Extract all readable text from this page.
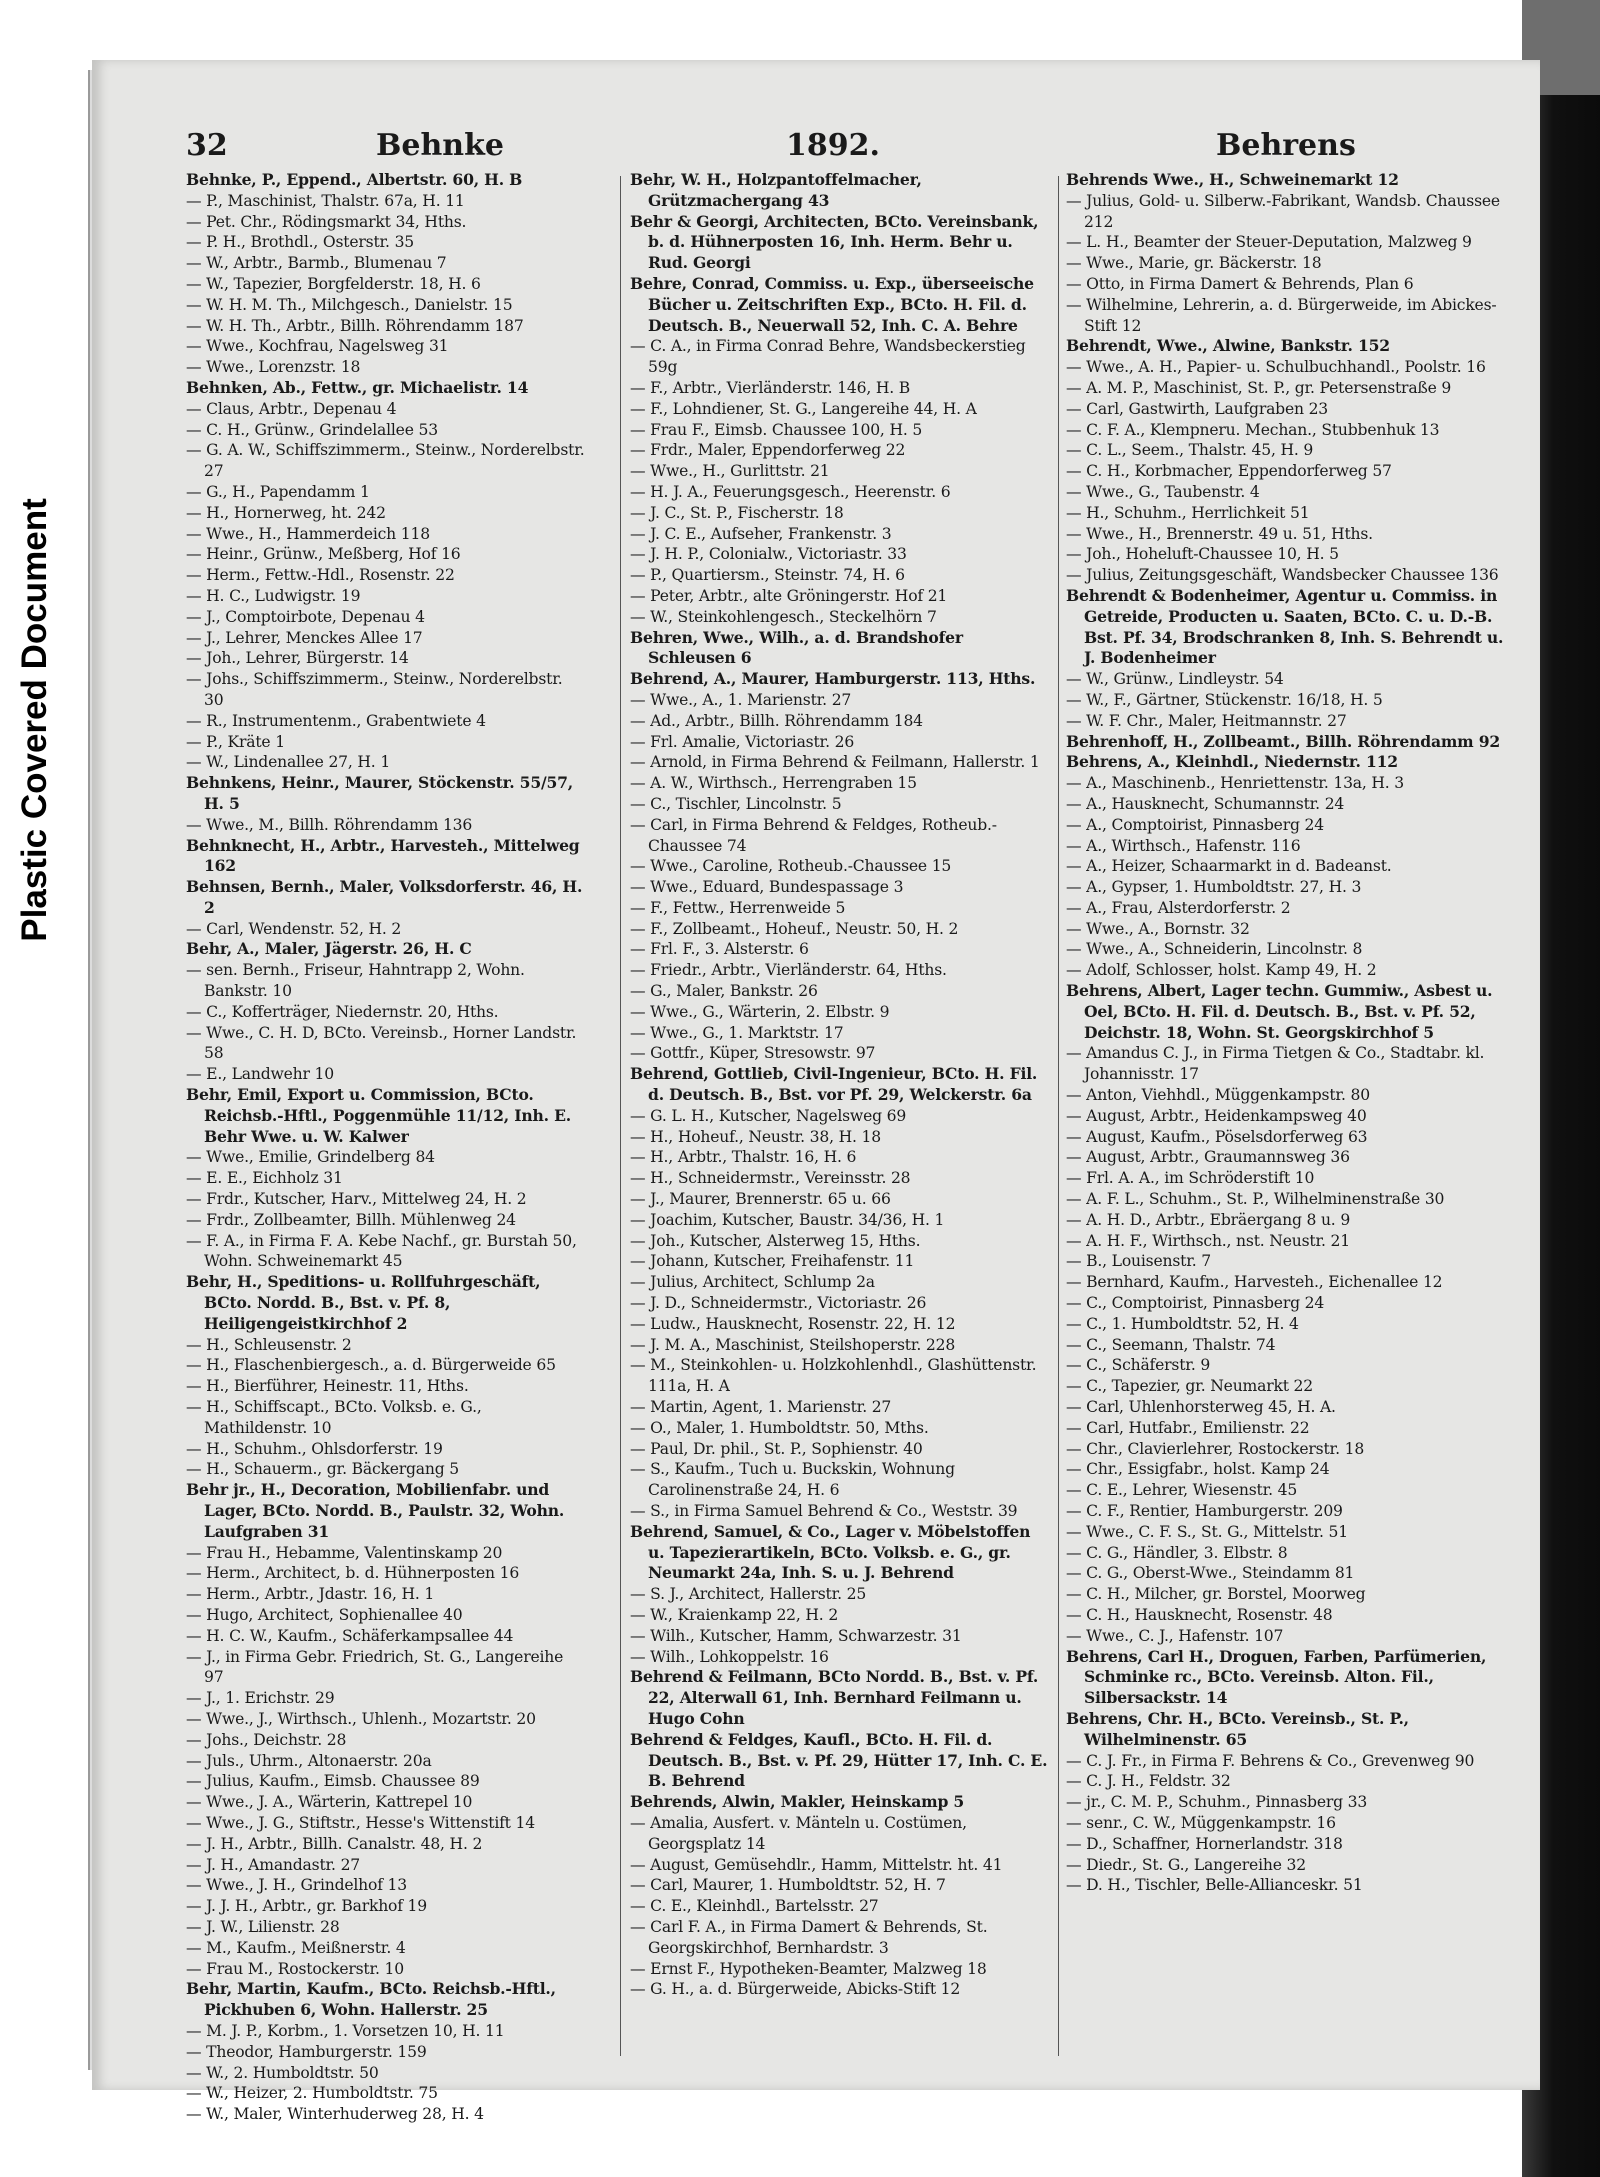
Plastic Covered Document
32	Behnke	1892.	Behrens
Behnke, P., Eppend., Albertstr. 60, H. B
— P., Maschinist, Thalstr. 67a, H. 11
— Pet. Chr., Rödingsmarkt 34, Hths.
— P. H., Brothdl., Osterstr. 35
— W., Arbtr., Barmb., Blumenau 7
— W., Tapezier, Borgfelderstr. 18, H. 6
— W. H. M. Th., Milchgesch., Danielstr. 15
— W. H. Th., Arbtr., Billh. Röhrendamm 187
— Wwe., Kochfrau, Nagelsweg 31
— Wwe., Lorenzstr. 18
Behnken, Ab., Fettw., gr. Michaelistr. 14
— Claus, Arbtr., Depenau 4
— C. H., Grünw., Grindelallee 53
— G. A. W., Schiffszimmerm., Steinw., Norderelbstr. 27
— G., H., Papendamm 1
— H., Hornerweg, ht. 242
— Wwe., H., Hammerdeich 118
— Heinr., Grünw., Meßberg, Hof 16
— Herm., Fettw.-Hdl., Rosenstr. 22
— H. C., Ludwigstr. 19
— J., Comptoirbote, Depenau 4
— J., Lehrer, Menckes Allee 17
— Joh., Lehrer, Bürgerstr. 14
— Johs., Schiffszimmerm., Steinw., Norderelbstr. 30
— R., Instrumentenm., Grabentwiete 4
— P., Kräte 1
— W., Lindenallee 27, H. 1
Behnkens, Heinr., Maurer, Stöckenstr. 55/57, H. 5
— Wwe., M., Billh. Röhrendamm 136
Behnknecht, H., Arbtr., Harvesteh., Mittelweg 162
Behnsen, Bernh., Maler, Volksdorferstr. 46, H. 2
— Carl, Wendenstr. 52, H. 2
Behr, A., Maler, Jägerstr. 26, H. C
— sen. Bernh., Friseur, Hahntrapp 2, Wohn. Bankstr. 10
— C., Kofferträger, Niedernstr. 20, Hths.
— Wwe., C. H. D, BCto. Vereinsb., Horner Landstr. 58
— E., Landwehr 10
Behr, Emil, Export u. Commission, BCto. Reichsb.-Hftl., Poggenmühle 11/12, Inh. E. Behr Wwe. u. W. Kalwer
— Wwe., Emilie, Grindelberg 84
— E. E., Eichholz 31
— Frdr., Kutscher, Harv., Mittelweg 24, H. 2
— Frdr., Zollbeamter, Billh. Mühlenweg 24
— F. A., in Firma F. A. Kebe Nachf., gr. Burstah 50, Wohn. Schweinemarkt 45
Behr, H., Speditions- u. Rollfuhrgeschäft, BCto. Nordd. B., Bst. v. Pf. 8, Heiligengeistkirchhof 2
— H., Schleusenstr. 2
— H., Flaschenbiergesch., a. d. Bürgerweide 65
— H., Bierführer, Heinestr. 11, Hths.
— H., Schiffscapt., BCto. Volksb. e. G., Mathildenstr. 10
— H., Schuhm., Ohlsdorferstr. 19
— H., Schauerm., gr. Bäckergang 5
Behr jr., H., Decoration, Mobilienfabr. und Lager, BCto. Nordd. B., Paulstr. 32, Wohn. Laufgraben 31
— Frau H., Hebamme, Valentinskamp 20
— Herm., Architect, b. d. Hühnerposten 16
— Herm., Arbtr., Jdastr. 16, H. 1
— Hugo, Architect, Sophienallee 40
— H. C. W., Kaufm., Schäferkampsallee 44
— J., in Firma Gebr. Friedrich, St. G., Langereihe 97
— J., 1. Erichstr. 29
— Wwe., J., Wirthsch., Uhlenh., Mozartstr. 20
— Johs., Deichstr. 28
— Juls., Uhrm., Altonaerstr. 20a
— Julius, Kaufm., Eimsb. Chaussee 89
— Wwe., J. A., Wärterin, Kattrepel 10
— Wwe., J. G., Stiftstr., Hesse's Wittenstift 14
— J. H., Arbtr., Billh. Canalstr. 48, H. 2
— J. H., Amandastr. 27
— Wwe., J. H., Grindelhof 13
— J. J. H., Arbtr., gr. Barkhof 19
— J. W., Lilienstr. 28
— M., Kaufm., Meißnerstr. 4
— Frau M., Rostockerstr. 10
Behr, Martin, Kaufm., BCto. Reichsb.-Hftl., Pickhuben 6, Wohn. Hallerstr. 25
— M. J. P., Korbm., 1. Vorsetzen 10, H. 11
— Theodor, Hamburgerstr. 159
— W., 2. Humboldtstr. 50
— W., Heizer, 2. Humboldtstr. 75
— W., Maler, Winterhuderweg 28, H. 4
Behr, W. H., Holzpantoffelmacher, Grützmachergang 43
Behr & Georgi, Architecten, BCto. Vereinsbank, b. d. Hühnerposten 16, Inh. Herm. Behr u. Rud. Georgi
Behre, Conrad, Commiss. u. Exp., überseeische Bücher u. Zeitschriften Exp., BCto. H. Fil. d. Deutsch. B., Neuerwall 52, Inh. C. A. Behre
— C. A., in Firma Conrad Behre, Wandsbeckerstieg 59g
— F., Arbtr., Vierländerstr. 146, H. B
— F., Lohndiener, St. G., Langereihe 44, H. A
— Frau F., Eimsb. Chaussee 100, H. 5
— Frdr., Maler, Eppendorferweg 22
— Wwe., H., Gurlittstr. 21
— H. J. A., Feuerungsgesch., Heerenstr. 6
— J. C., St. P., Fischerstr. 18
— J. C. E., Aufseher, Frankenstr. 3
— J. H. P., Colonialw., Victoriastr. 33
— P., Quartiersm., Steinstr. 74, H. 6
— Peter, Arbtr., alte Gröningerstr. Hof 21
— W., Steinkohlengesch., Steckelhörn 7
Behren, Wwe., Wilh., a. d. Brandshofer Schleusen 6
Behrend, A., Maurer, Hamburgerstr. 113, Hths.
— Wwe., A., 1. Marienstr. 27
— Ad., Arbtr., Billh. Röhrendamm 184
— Frl. Amalie, Victoriastr. 26
— Arnold, in Firma Behrend & Feilmann, Hallerstr. 1
— A. W., Wirthsch., Herrengraben 15
— C., Tischler, Lincolnstr. 5
— Carl, in Firma Behrend & Feldges, Rotheub.-Chaussee 74
— Wwe., Caroline, Rotheub.-Chaussee 15
— Wwe., Eduard, Bundespassage 3
— F., Fettw., Herrenweide 5
— F., Zollbeamt., Hoheuf., Neustr. 50, H. 2
— Frl. F., 3. Alsterstr. 6
— Friedr., Arbtr., Vierländerstr. 64, Hths.
— G., Maler, Bankstr. 26
— Wwe., G., Wärterin, 2. Elbstr. 9
— Wwe., G., 1. Marktstr. 17
— Gottfr., Küper, Stresowstr. 97
Behrend, Gottlieb, Civil-Ingenieur, BCto. H. Fil. d. Deutsch. B., Bst. vor Pf. 29, Welckerstr. 6a
— G. L. H., Kutscher, Nagelsweg 69
— H., Hoheuf., Neustr. 38, H. 18
— H., Arbtr., Thalstr. 16, H. 6
— H., Schneidermstr., Vereinsstr. 28
— J., Maurer, Brennerstr. 65 u. 66
— Joachim, Kutscher, Baustr. 34/36, H. 1
— Joh., Kutscher, Alsterweg 15, Hths.
— Johann, Kutscher, Freihafenstr. 11
— Julius, Architect, Schlump 2a
— J. D., Schneidermstr., Victoriastr. 26
— Ludw., Hausknecht, Rosenstr. 22, H. 12
— J. M. A., Maschinist, Steilshoperstr. 228
— M., Steinkohlen- u. Holzkohlenhdl., Glashüttenstr. 111a, H. A
— Martin, Agent, 1. Marienstr. 27
— O., Maler, 1. Humboldtstr. 50, Mths.
— Paul, Dr. phil., St. P., Sophienstr. 40
— S., Kaufm., Tuch u. Buckskin, Wohnung Carolinenstraße 24, H. 6
— S., in Firma Samuel Behrend & Co., Weststr. 39
Behrend, Samuel, & Co., Lager v. Möbelstoffen u. Tapezierartikeln, BCto. Volksb. e. G., gr. Neumarkt 24a, Inh. S. u. J. Behrend
— S. J., Architect, Hallerstr. 25
— W., Kraienkamp 22, H. 2
— Wilh., Kutscher, Hamm, Schwarzestr. 31
— Wilh., Lohkoppelstr. 16
Behrend & Feilmann, BCto Nordd. B., Bst. v. Pf. 22, Alterwall 61, Inh. Bernhard Feilmann u. Hugo Cohn
Behrend & Feldges, Kaufl., BCto. H. Fil. d. Deutsch. B., Bst. v. Pf. 29, Hütter 17, Inh. C. E. B. Behrend
Behrends, Alwin, Makler, Heinskamp 5
— Amalia, Ausfert. v. Mänteln u. Costümen, Georgsplatz 14
— August, Gemüsehdlr., Hamm, Mittelstr. ht. 41
— Carl, Maurer, 1. Humboldtstr. 52, H. 7
— C. E., Kleinhdl., Bartelsstr. 27
— Carl F. A., in Firma Damert & Behrends, St. Georgskirchhof, Bernhardstr. 3
— Ernst F., Hypotheken-Beamter, Malzweg 18
— G. H., a. d. Bürgerweide, Abicks-Stift 12
Behrends Wwe., H., Schweinemarkt 12
— Julius, Gold- u. Silberw.-Fabrikant, Wandsb. Chaussee 212
— L. H., Beamter der Steuer-Deputation, Malzweg 9
— Wwe., Marie, gr. Bäckerstr. 18
— Otto, in Firma Damert & Behrends, Plan 6
— Wilhelmine, Lehrerin, a. d. Bürgerweide, im Abickes-Stift 12
Behrendt, Wwe., Alwine, Bankstr. 152
— Wwe., A. H., Papier- u. Schulbuchhandl., Poolstr. 16
— A. M. P., Maschinist, St. P., gr. Petersenstraße 9
— Carl, Gastwirth, Laufgraben 23
— C. F. A., Klempneru. Mechan., Stubbenhuk 13
— C. L., Seem., Thalstr. 45, H. 9
— C. H., Korbmacher, Eppendorferweg 57
— Wwe., G., Taubenstr. 4
— H., Schuhm., Herrlichkeit 51
— Wwe., H., Brennerstr. 49 u. 51, Hths.
— Joh., Hoheluft-Chaussee 10, H. 5
— Julius, Zeitungsgeschäft, Wandsbecker Chaussee 136
Behrendt & Bodenheimer, Agentur u. Commiss. in Getreide, Producten u. Saaten, BCto. C. u. D.-B. Bst. Pf. 34, Brodschranken 8, Inh. S. Behrendt u. J. Bodenheimer
— W., Grünw., Lindleystr. 54
— W., F., Gärtner, Stückenstr. 16/18, H. 5
— W. F. Chr., Maler, Heitmannstr. 27
Behrenhoff, H., Zollbeamt., Billh. Röhrendamm 92
Behrens, A., Kleinhdl., Niedernstr. 112
— A., Maschinenb., Henriettenstr. 13a, H. 3
— A., Hausknecht, Schumannstr. 24
— A., Comptoirist, Pinnasberg 24
— A., Wirthsch., Hafenstr. 116
— A., Heizer, Schaarmarkt in d. Badeanst.
— A., Gypser, 1. Humboldtstr. 27, H. 3
— A., Frau, Alsterdorferstr. 2
— Wwe., A., Bornstr. 32
— Wwe., A., Schneiderin, Lincolnstr. 8
— Adolf, Schlosser, holst. Kamp 49, H. 2
Behrens, Albert, Lager techn. Gummiw., Asbest u. Oel, BCto. H. Fil. d. Deutsch. B., Bst. v. Pf. 52, Deichstr. 18, Wohn. St. Georgskirchhof 5
— Amandus C. J., in Firma Tietgen & Co., Stadtabr. kl. Johannisstr. 17
— Anton, Viehhdl., Müggenkampstr. 80
— August, Arbtr., Heidenkampsweg 40
— August, Kaufm., Pöselsdorferweg 63
— August, Arbtr., Graumannsweg 36
— Frl. A. A., im Schröderstift 10
— A. F. L., Schuhm., St. P., Wilhelminenstraße 30
— A. H. D., Arbtr., Ebräergang 8 u. 9
— A. H. F., Wirthsch., nst. Neustr. 21
— B., Louisenstr. 7
— Bernhard, Kaufm., Harvesteh., Eichenallee 12
— C., Comptoirist, Pinnasberg 24
— C., 1. Humboldtstr. 52, H. 4
— C., Seemann, Thalstr. 74
— C., Schäferstr. 9
— C., Tapezier, gr. Neumarkt 22
— Carl, Uhlenhorsterweg 45, H. A.
— Carl, Hutfabr., Emilienstr. 22
— Chr., Clavierlehrer, Rostockerstr. 18
— Chr., Essigfabr., holst. Kamp 24
— C. E., Lehrer, Wiesenstr. 45
— C. F., Rentier, Hamburgerstr. 209
— Wwe., C. F. S., St. G., Mittelstr. 51
— C. G., Händler, 3. Elbstr. 8
— C. G., Oberst-Wwe., Steindamm 81
— C. H., Milcher, gr. Borstel, Moorweg
— C. H., Hausknecht, Rosenstr. 48
— Wwe., C. J., Hafenstr. 107
Behrens, Carl H., Droguen, Farben, Parfümerien, Schminke rc., BCto. Vereinsb. Alton. Fil., Silbersackstr. 14
Behrens, Chr. H., BCto. Vereinsb., St. P., Wilhelminenstr. 65
— C. J. Fr., in Firma F. Behrens & Co., Grevenweg 90
— C. J. H., Feldstr. 32
— jr., C. M. P., Schuhm., Pinnasberg 33
— senr., C. W., Müggenkampstr. 16
— D., Schaffner, Hornerlandstr. 318
— Diedr., St. G., Langereihe 32
— D. H., Tischler, Belle-Allianceskr. 51
